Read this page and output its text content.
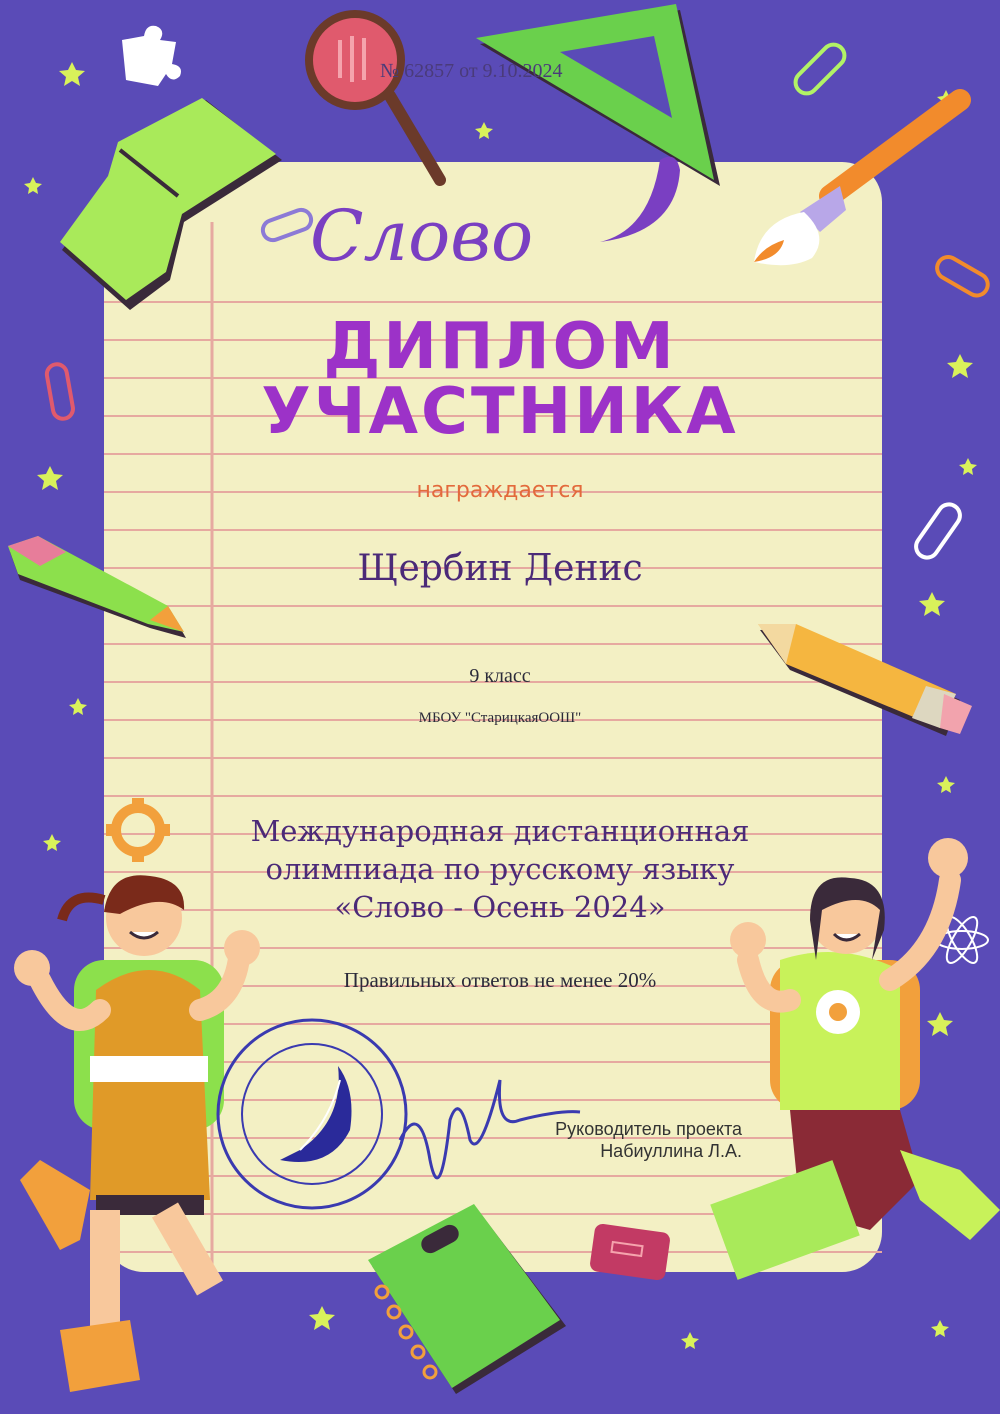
№ 62857 от 9.10.2024
Слово
ДИПЛОМ
УЧАСТНИКА
награждается
Щербин Денис
9 класс
МБОУ "СтарицкаяООШ"
Международная дистанционная
олимпиада по русскому языку
«Слово - Осень 2024»
Правильных ответов не менее 20%
Руководитель проекта
Набиуллина Л.А.
